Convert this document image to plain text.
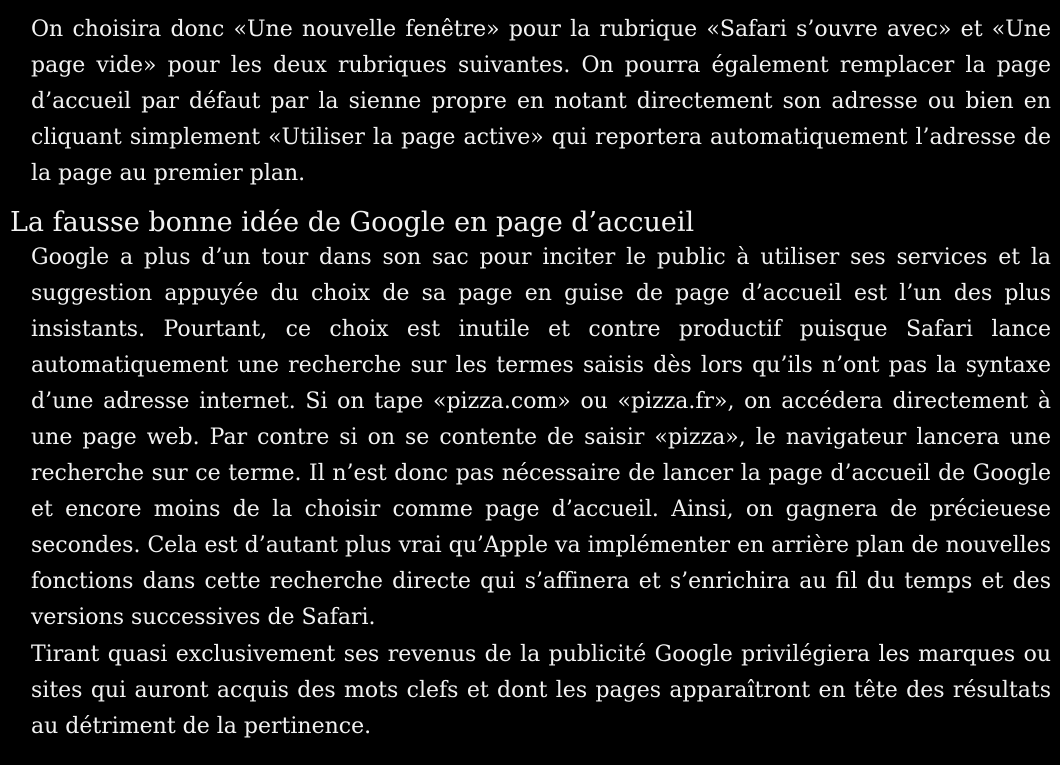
On choisira donc «Une nouvelle fenêtre» pour la rubrique «Safari s’ouvre avec» et «Une page vide» pour les deux rubriques suivantes. On pourra également remplacer la page d’accueil par défaut par la sienne propre en notant directement son adresse ou bien en cliquant simplement «Utiliser la page active» qui reportera automatiquement l’adresse de la page au premier plan.

La fausse bonne idée de Google en page d’accueil

Google a plus d’un tour dans son sac pour inciter le public à utiliser ses services et la suggestion appuyée du choix de sa page en guise de page d’accueil est l’un des plus insistants. Pourtant, ce choix est inutile et contre productif puisque Safari lance automatiquement une recherche sur les termes saisis dès lors qu’ils n’ont pas la syntaxe d’une adresse internet. Si on tape «pizza.com» ou «pizza.fr», on accédera directement à une page web. Par contre si on se contente de saisir «pizza», le navigateur lancera une recherche sur ce terme. Il n’est donc pas nécessaire de lancer la page d’accueil de Google et encore moins de la choisir comme page d’accueil. Ainsi, on gagnera de précieuese secondes. Cela est d’autant plus vrai qu’Apple va implémenter en arrière plan de nouvelles fonctions dans cette recherche directe qui s’affinera et s’enrichira au fil du temps et des versions successives de Safari.

Tirant quasi exclusivement ses revenus de la publicité Google privilégiera les marques ou sites qui auront acquis des mots clefs et dont les pages apparaîtront en tête des résultats au détriment de la pertinence.
